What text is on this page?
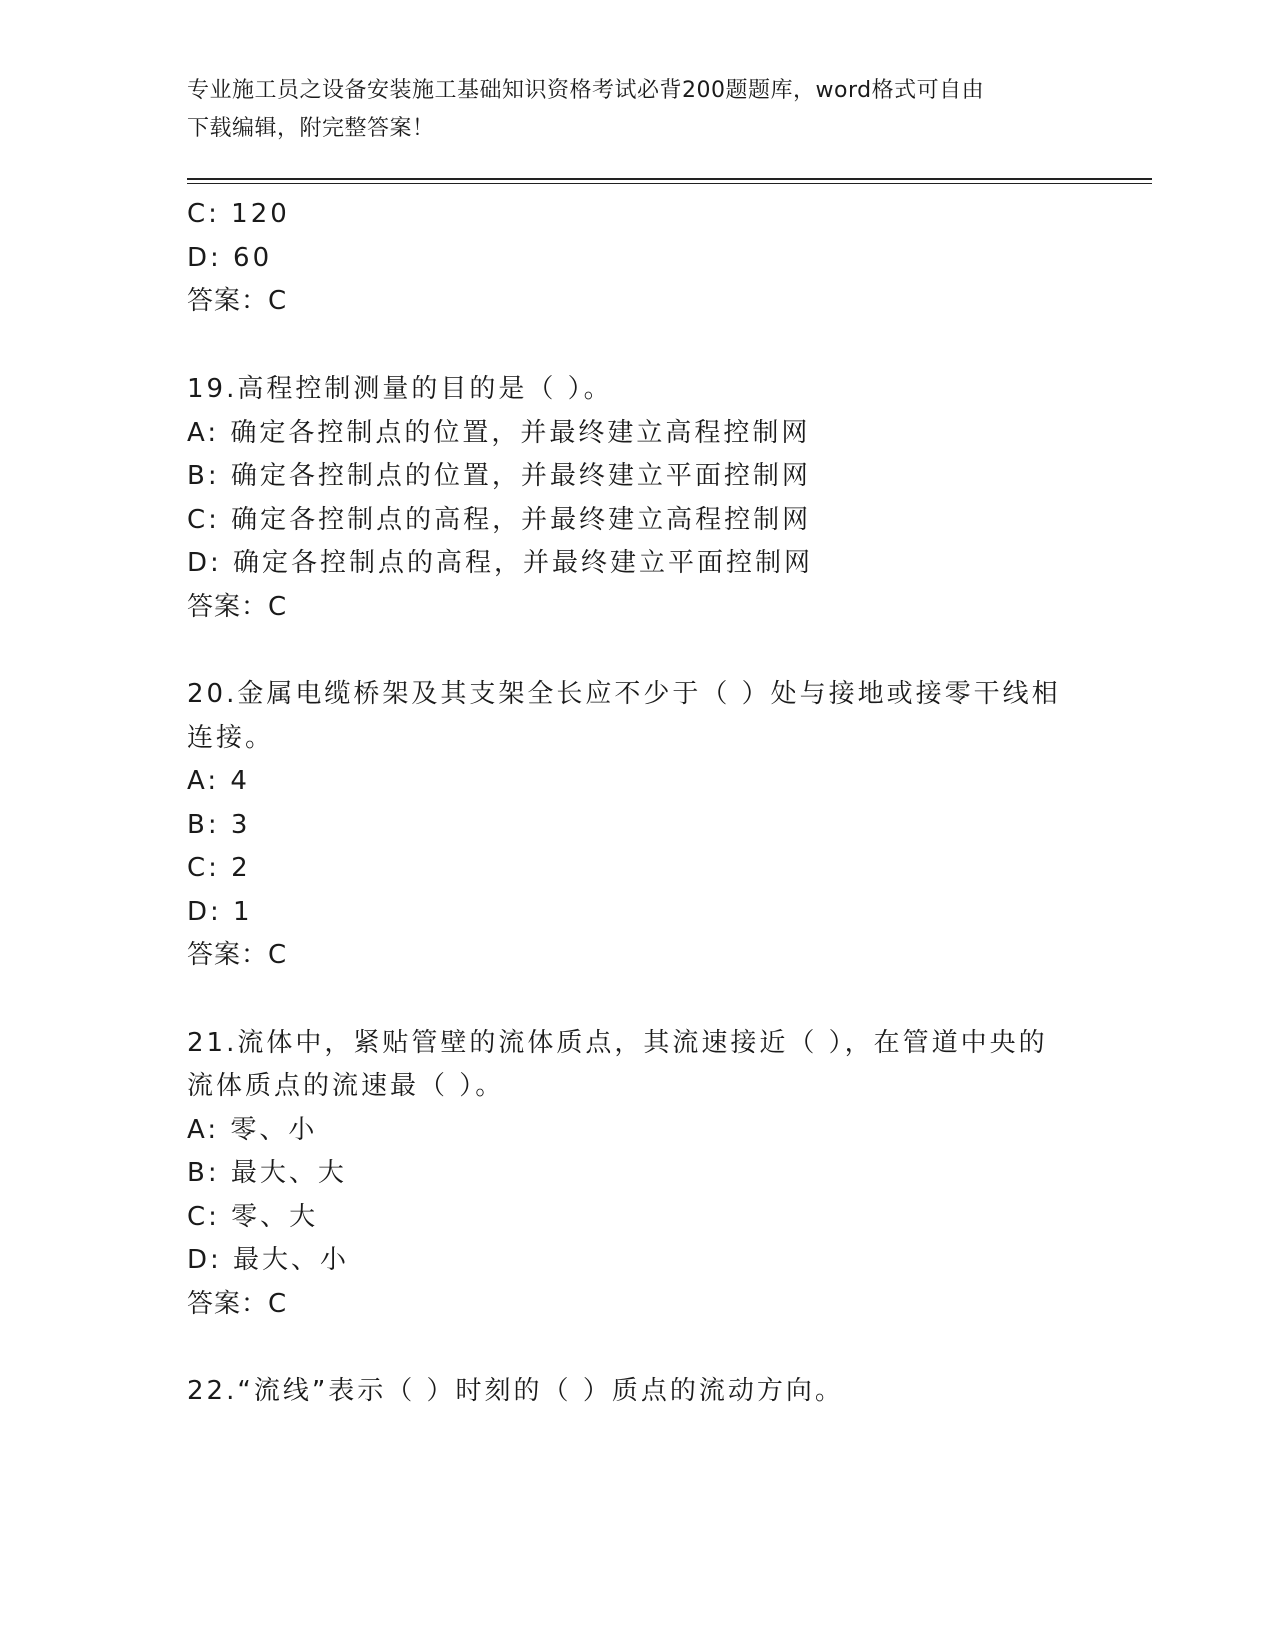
专业施工员之设备安装施工基础知识资格考试必背200题题库，word格式可自由
下载编辑，附完整答案！
C: 120
D: 60
答案：C
19.高程控制测量的目的是（ ）。
A: 确定各控制点的位置，并最终建立高程控制网
B: 确定各控制点的位置，并最终建立平面控制网
C: 确定各控制点的高程，并最终建立高程控制网
D: 确定各控制点的高程，并最终建立平面控制网
答案：C
20.金属电缆桥架及其支架全长应不少于（ ）处与接地或接零干线相
连接。
A: 4
B: 3
C: 2
D: 1
答案：C
21.流体中，紧贴管壁的流体质点，其流速接近（ ），在管道中央的
流体质点的流速最（ ）。
A: 零、小
B: 最大、大
C: 零、大
D: 最大、小
答案：C
22.“流线”表示（ ）时刻的（ ）质点的流动方向。
